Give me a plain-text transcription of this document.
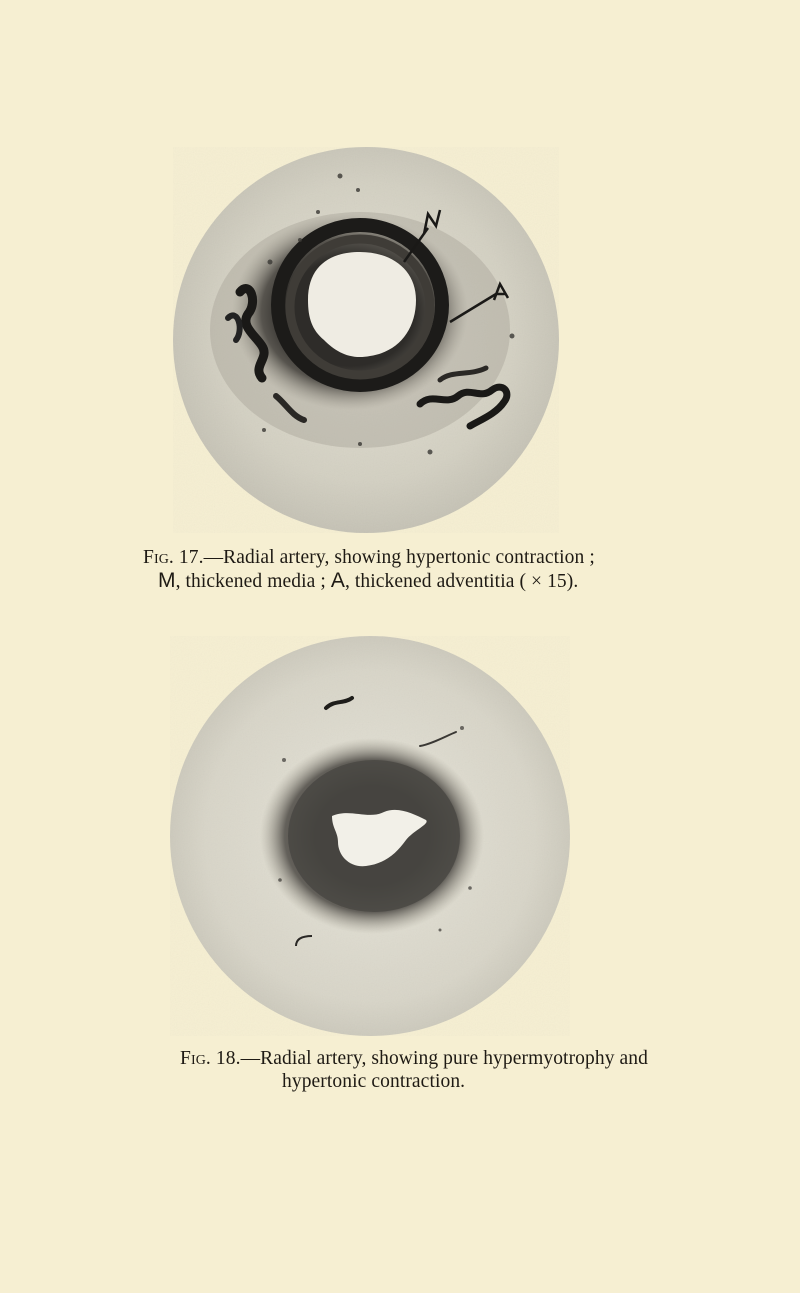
Fig. 17.—Radial artery, showing hypertonic contraction ;
M, thickened media ; A, thickened adventitia ( × 15).
Fig. 18.—Radial artery, showing pure hypermyotrophy and
hypertonic contraction.
